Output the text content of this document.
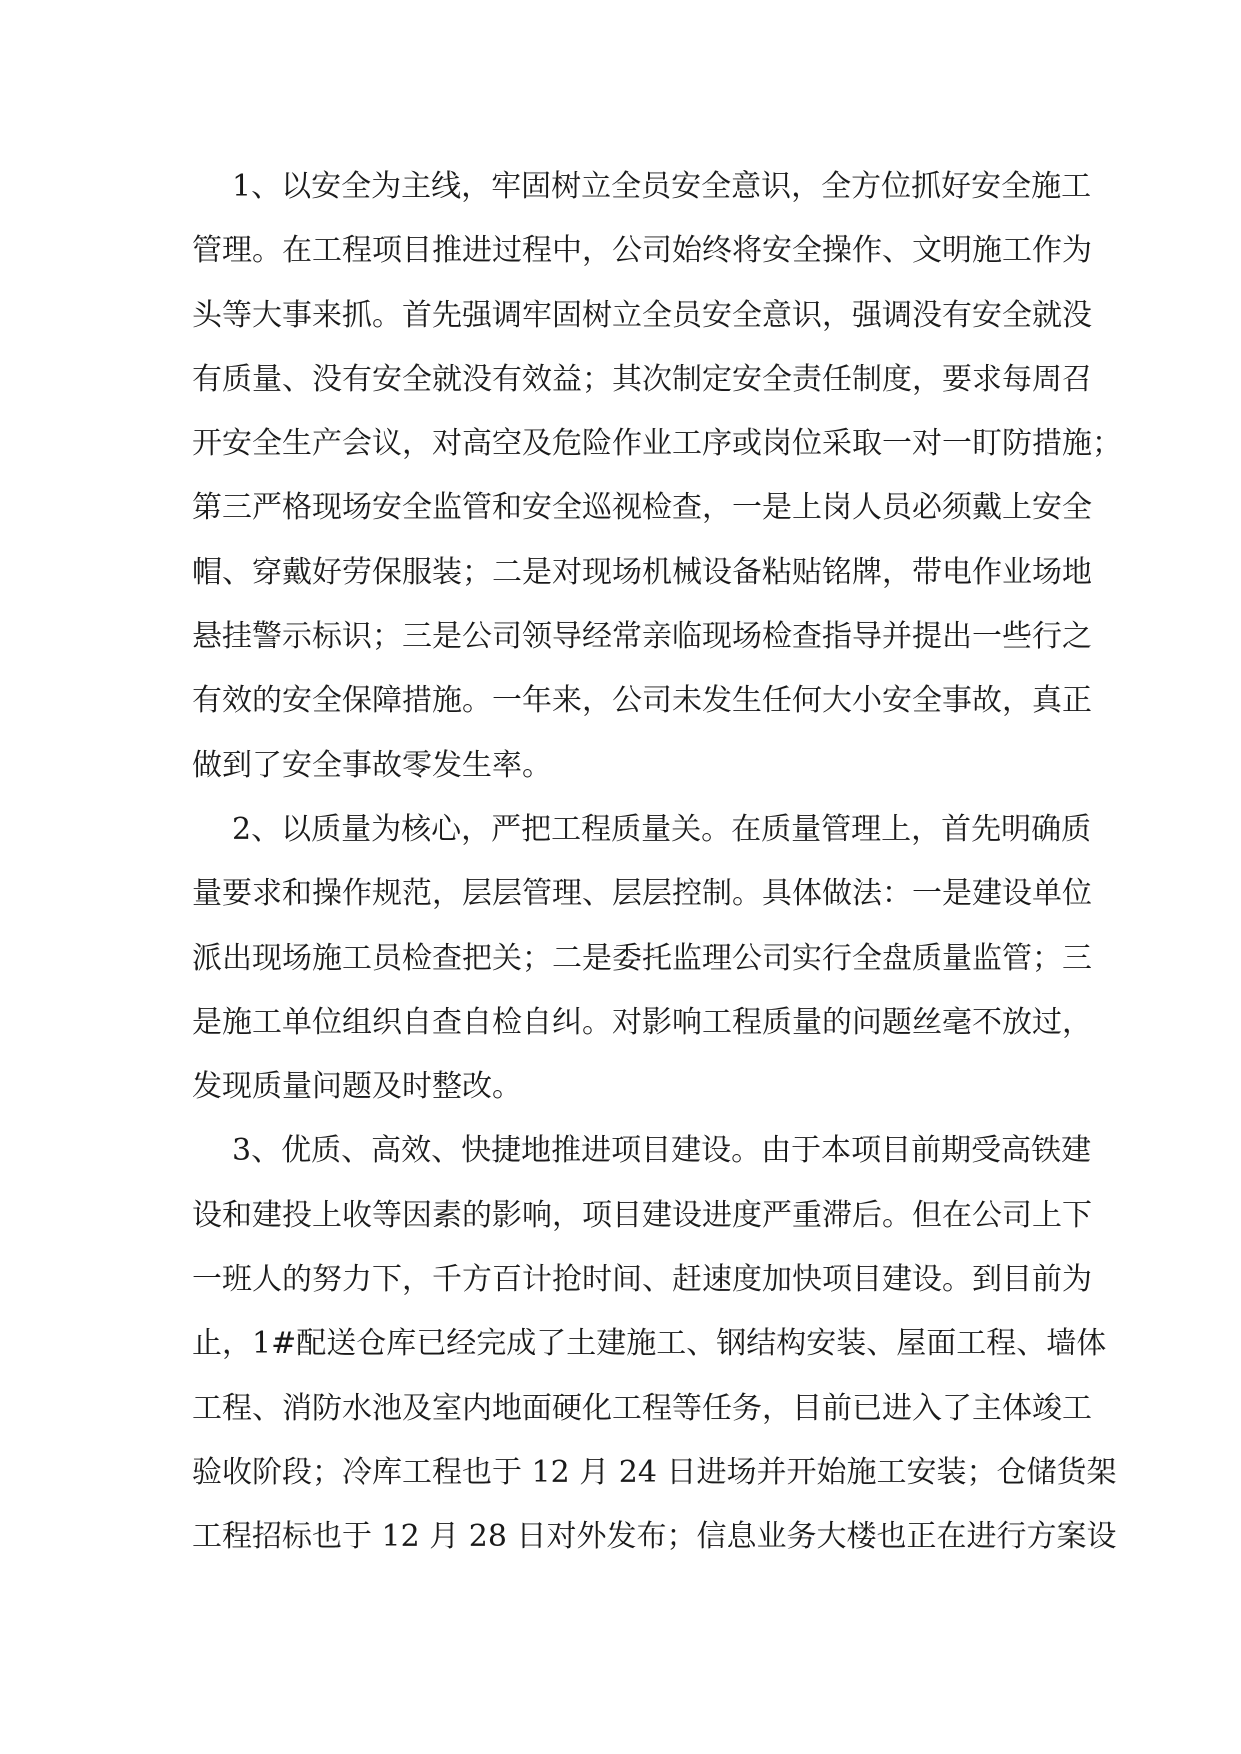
1、以安全为主线，牢固树立全员安全意识，全方位抓好安全施工
管理。在工程项目推进过程中，公司始终将安全操作、文明施工作为
头等大事来抓。首先强调牢固树立全员安全意识，强调没有安全就没
有质量、没有安全就没有效益；其次制定安全责任制度，要求每周召
开安全生产会议，对高空及危险作业工序或岗位采取一对一盯防措施；
第三严格现场安全监管和安全巡视检查，一是上岗人员必须戴上安全
帽、穿戴好劳保服装；二是对现场机械设备粘贴铭牌，带电作业场地
悬挂警示标识；三是公司领导经常亲临现场检查指导并提出一些行之
有效的安全保障措施。一年来，公司未发生任何大小安全事故，真正
做到了安全事故零发生率。
2、以质量为核心，严把工程质量关。在质量管理上，首先明确质
量要求和操作规范，层层管理、层层控制。具体做法：一是建设单位
派出现场施工员检查把关；二是委托监理公司实行全盘质量监管；三
是施工单位组织自查自检自纠。对影响工程质量的问题丝毫不放过，
发现质量问题及时整改。
3、优质、高效、快捷地推进项目建设。由于本项目前期受高铁建
设和建投上收等因素的影响，项目建设进度严重滞后。但在公司上下
一班人的努力下，千方百计抢时间、赶速度加快项目建设。到目前为
止，1#配送仓库已经完成了土建施工、钢结构安装、屋面工程、墙体
工程、消防水池及室内地面硬化工程等任务，目前已进入了主体竣工
验收阶段；冷库工程也于 12 月 24 日进场并开始施工安装；仓储货架
工程招标也于 12 月 28 日对外发布；信息业务大楼也正在进行方案设
